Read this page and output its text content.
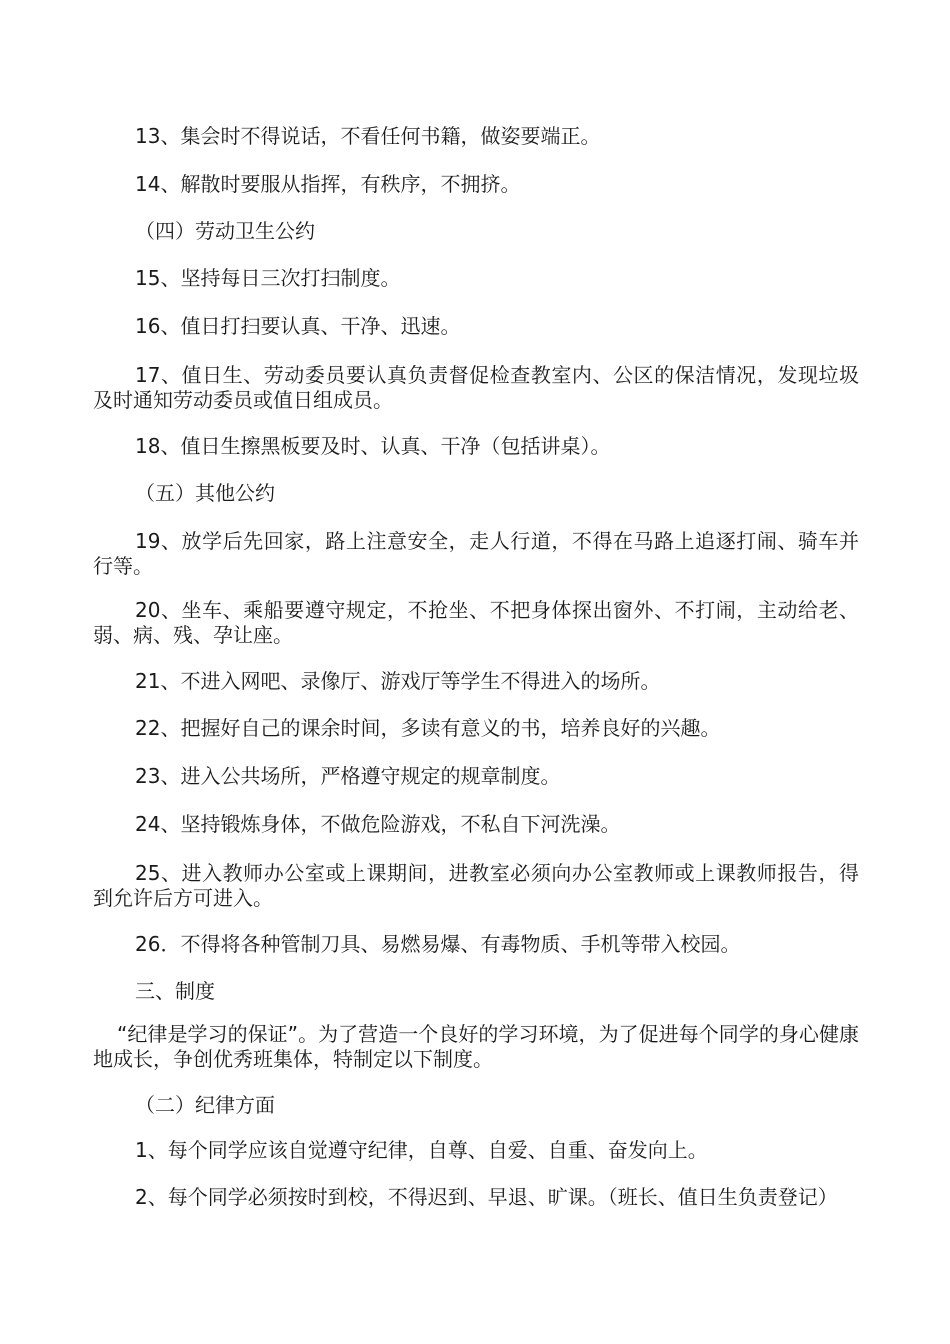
13、集会时不得说话，不看任何书籍，做姿要端正。

14、解散时要服从指挥，有秩序，不拥挤。

（四）劳动卫生公约

15、坚持每日三次打扫制度。

16、值日打扫要认真、干净、迅速。

17、值日生、劳动委员要认真负责督促检查教室内、公区的保洁情况，发现垃圾及时通知劳动委员或值日组成员。

18、值日生擦黑板要及时、认真、干净（包括讲桌）。

（五）其他公约

19、放学后先回家，路上注意安全，走人行道，不得在马路上追逐打闹、骑车并行等。

20、坐车、乘船要遵守规定，不抢坐、不把身体探出窗外、不打闹，主动给老、弱、病、残、孕让座。

21、不进入网吧、录像厅、游戏厅等学生不得进入的场所。

22、把握好自己的课余时间，多读有意义的书，培养良好的兴趣。

23、进入公共场所，严格遵守规定的规章制度。

24、坚持锻炼身体，不做危险游戏，不私自下河洗澡。

25、进入教师办公室或上课期间，进教室必须向办公室教师或上课教师报告，得到允许后方可进入。

26．不得将各种管制刀具、易燃易爆、有毒物质、手机等带入校园。

三、制度

“纪律是学习的保证”。为了营造一个良好的学习环境，为了促进每个同学的身心健康地成长，争创优秀班集体，特制定以下制度。

（二）纪律方面

1、每个同学应该自觉遵守纪律，自尊、自爱、自重、奋发向上。

2、每个同学必须按时到校，不得迟到、早退、旷课。（班长、值日生负责登记）
